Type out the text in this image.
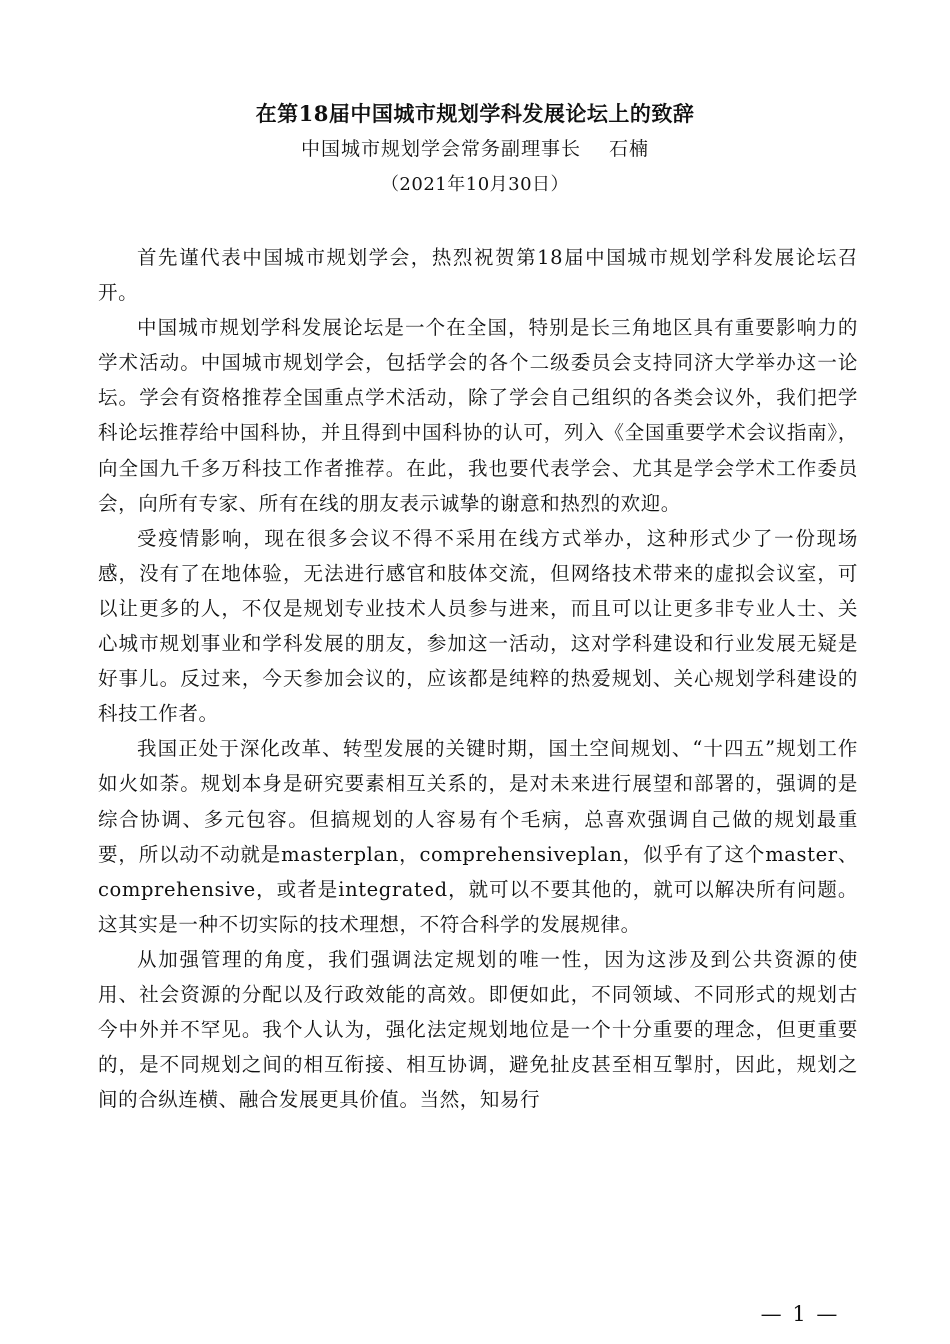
在第18届中国城市规划学科发展论坛上的致辞
中国城市规划学会常务副理事长 石楠
（2021年10月30日）

首先谨代表中国城市规划学会，热烈祝贺第18届中国城市规划学科发展论坛召开。

中国城市规划学科发展论坛是一个在全国，特别是长三角地区具有重要影响力的学术活动。中国城市规划学会，包括学会的各个二级委员会支持同济大学举办这一论坛。学会有资格推荐全国重点学术活动，除了学会自己组织的各类会议外，我们把学科论坛推荐给中国科协，并且得到中国科协的认可，列入《全国重要学术会议指南》，向全国九千多万科技工作者推荐。在此，我也要代表学会、尤其是学会学术工作委员会，向所有专家、所有在线的朋友表示诚挚的谢意和热烈的欢迎。

受疫情影响，现在很多会议不得不采用在线方式举办，这种形式少了一份现场感，没有了在地体验，无法进行感官和肢体交流，但网络技术带来的虚拟会议室，可以让更多的人，不仅是规划专业技术人员参与进来，而且可以让更多非专业人士、关心城市规划事业和学科发展的朋友，参加这一活动，这对学科建设和行业发展无疑是好事儿。反过来，今天参加会议的，应该都是纯粹的热爱规划、关心规划学科建设的科技工作者。

我国正处于深化改革、转型发展的关键时期，国土空间规划、“十四五”规划工作如火如荼。规划本身是研究要素相互关系的，是对未来进行展望和部署的，强调的是综合协调、多元包容。但搞规划的人容易有个毛病，总喜欢强调自己做的规划最重要，所以动不动就是masterplan，comprehensiveplan，似乎有了这个master、comprehensive，或者是integrated，就可以不要其他的，就可以解决所有问题。这其实是一种不切实际的技术理想，不符合科学的发展规律。

从加强管理的角度，我们强调法定规划的唯一性，因为这涉及到公共资源的使用、社会资源的分配以及行政效能的高效。即便如此，不同领域、不同形式的规划古今中外并不罕见。我个人认为，强化法定规划地位是一个十分重要的理念，但更重要的，是不同规划之间的相互衔接、相互协调，避免扯皮甚至相互掣肘，因此，规划之间的合纵连横、融合发展更具价值。当然，知易行

— 1 —
